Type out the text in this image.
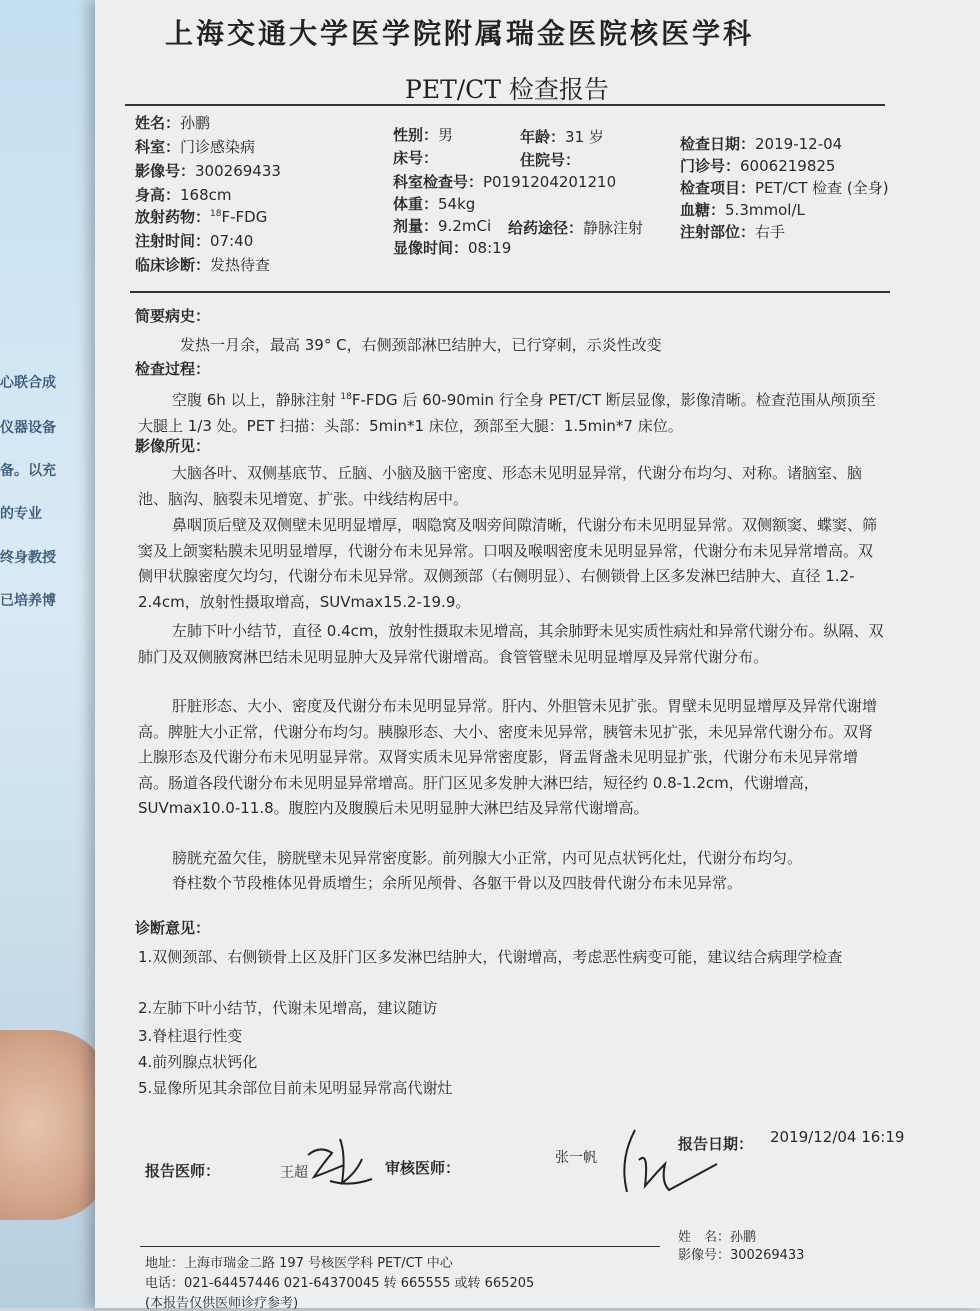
心联合成
仪器设备
备。以充
的专业
终身教授
已培养博
上海交通大学医学院附属瑞金医院核医学科
PET/CT 检查报告
姓名：孙鹏
科室：门诊感染病
影像号：300269433
身高：168cm
放射药物：$^{18}$F-FDG
注射时间：07:40
临床诊断：发热待查
性别：男	年龄：31 岁
床号：	住院号：
科室检查号：P0191204201210
体重：54kg
剂量：9.2mCi 给药途径：静脉注射
显像时间：08:19
检查日期：2019-12-04
门诊号：6006219825
检查项目：PET/CT 检查 (全身)
血糖：5.3mmol/L
注射部位：右手
简要病史：
发热一月余，最高 39° C，右侧颈部淋巴结肿大，已行穿刺，示炎性改变
检查过程：
空腹 6h 以上，静脉注射 $^{18}$F-FDG 后 60-90min 行全身 PET/CT 断层显像，影像清晰。检查范围从颅顶至大腿上 1/3 处。PET 扫描：头部：5min*1 床位，颈部至大腿：1.5min*7 床位。
影像所见：
大脑各叶、双侧基底节、丘脑、小脑及脑干密度、形态未见明显异常，代谢分布均匀、对称。诸脑室、脑池、脑沟、脑裂未见增宽、扩张。中线结构居中。
鼻咽顶后壁及双侧壁未见明显增厚，咽隐窝及咽旁间隙清晰，代谢分布未见明显异常。双侧额窦、蝶窦、筛窦及上颌窦粘膜未见明显增厚，代谢分布未见异常。口咽及喉咽密度未见明显异常，代谢分布未见异常增高。双侧甲状腺密度欠均匀，代谢分布未见异常。双侧颈部（右侧明显）、右侧锁骨上区多发淋巴结肿大、直径 1.2-2.4cm，放射性摄取增高，SUVmax15.2-19.9。
左肺下叶小结节，直径 0.4cm，放射性摄取未见增高，其余肺野未见实质性病灶和异常代谢分布。纵隔、双肺门及双侧腋窝淋巴结未见明显肿大及异常代谢增高。食管管壁未见明显增厚及异常代谢分布。
肝脏形态、大小、密度及代谢分布未见明显异常。肝内、外胆管未见扩张。胃壁未见明显增厚及异常代谢增高。脾脏大小正常，代谢分布均匀。胰腺形态、大小、密度未见异常，胰管未见扩张，未见异常代谢分布。双肾上腺形态及代谢分布未见明显异常。双肾实质未见异常密度影，肾盂肾盏未见明显扩张，代谢分布未见异常增高。肠道各段代谢分布未见明显异常增高。肝门区见多发肿大淋巴结，短径约 0.8-1.2cm，代谢增高，SUVmax10.0-11.8。腹腔内及腹膜后未见明显肿大淋巴结及异常代谢增高。
膀胱充盈欠佳，膀胱壁未见异常密度影。前列腺大小正常，内可见点状钙化灶，代谢分布均匀。
脊柱数个节段椎体见骨质增生；余所见颅骨、各躯干骨以及四肢骨代谢分布未见异常。
诊断意见：
1.双侧颈部、右侧锁骨上区及肝门区多发淋巴结肿大，代谢增高，考虑恶性病变可能，建议结合病理学检查
2.左肺下叶小结节，代谢未见增高，建议随访
3.脊柱退行性变
4.前列腺点状钙化
5.显像所见其余部位目前未见明显异常高代谢灶
报告医师：	王超	审核医师：
张一帆
报告日期： 2019/12/04 16:19
姓　名：孙鹏
影像号：300269433
地址：上海市瑞金二路 197 号核医学科 PET/CT 中心
电话：021-64457446 021-64370045 转 665555 或转 665205
(本报告仅供医师诊疗参考)
